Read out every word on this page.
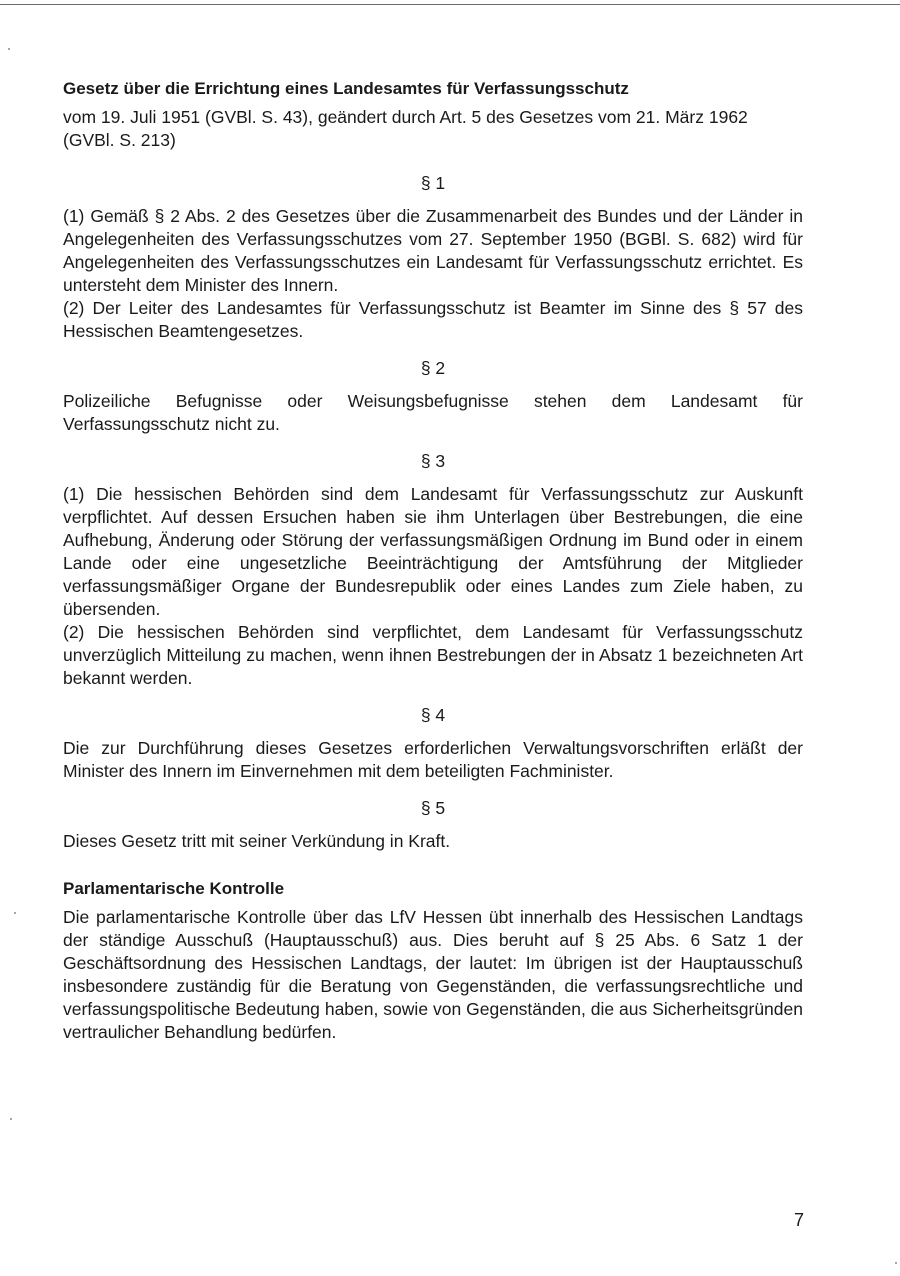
Gesetz über die Errichtung eines Landesamtes für Verfassungsschutz

vom 19. Juli 1951 (GVBl. S. 43), geändert durch Art. 5 des Gesetzes vom 21. März 1962 (GVBl. S. 213)

§ 1

(1) Gemäß § 2 Abs. 2 des Gesetzes über die Zusammenarbeit des Bundes und der Länder in Angelegenheiten des Verfassungsschutzes vom 27. September 1950 (BGBl. S. 682) wird für Angelegenheiten des Verfassungsschutzes ein Landesamt für Verfassungsschutz errichtet. Es untersteht dem Minister des Innern.

(2) Der Leiter des Landesamtes für Verfassungsschutz ist Beamter im Sinne des § 57 des Hessischen Beamtengesetzes.

§ 2

Polizeiliche Befugnisse oder Weisungsbefugnisse stehen dem Landesamt für Verfassungsschutz nicht zu.

§ 3

(1) Die hessischen Behörden sind dem Landesamt für Verfassungsschutz zur Auskunft verpflichtet. Auf dessen Ersuchen haben sie ihm Unterlagen über Bestrebungen, die eine Aufhebung, Änderung oder Störung der verfassungsmäßigen Ordnung im Bund oder in einem Lande oder eine ungesetzliche Beeinträchtigung der Amtsführung der Mitglieder verfassungsmäßiger Organe der Bundesrepublik oder eines Landes zum Ziele haben, zu übersenden.

(2) Die hessischen Behörden sind verpflichtet, dem Landesamt für Verfassungsschutz unverzüglich Mitteilung zu machen, wenn ihnen Bestrebungen der in Absatz 1 bezeichneten Art bekannt werden.

§ 4

Die zur Durchführung dieses Gesetzes erforderlichen Verwaltungsvorschriften erläßt der Minister des Innern im Einvernehmen mit dem beteiligten Fachminister.

§ 5

Dieses Gesetz tritt mit seiner Verkündung in Kraft.

Parlamentarische Kontrolle

Die parlamentarische Kontrolle über das LfV Hessen übt innerhalb des Hessischen Landtags der ständige Ausschuß (Hauptausschuß) aus. Dies beruht auf § 25 Abs. 6 Satz 1 der Geschäftsordnung des Hessischen Landtags, der lautet: Im übrigen ist der Hauptausschuß insbesondere zuständig für die Beratung von Gegenständen, die verfassungsrechtliche und verfassungspolitische Bedeutung haben, sowie von Gegenständen, die aus Sicherheitsgründen vertraulicher Behandlung bedürfen.

7
